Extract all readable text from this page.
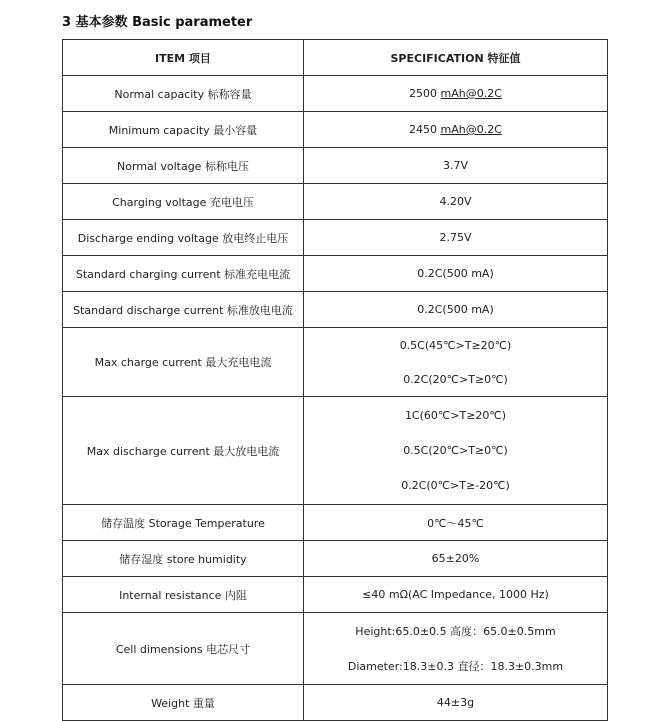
3 基本参数 Basic parameter
ITEM 项目	SPECIFICATION 特征值
Normal capacity 标称容量	2500 mAh@0.2C
Minimum capacity 最小容量	2450 mAh@0.2C
Normal voltage 标称电压	3.7V
Charging voltage 充电电压	4.20V
Discharge ending voltage 放电终止电压	2.75V
Standard charging current 标准充电电流	0.2C(500 mA)
Standard discharge current 标准放电电流	0.2C(500 mA)
Max charge current 最大充电电流	0.5C(45℃>T≥20℃)
0.2C(20℃>T≥0℃)

Max discharge current 最大放电电流	1C(60℃>T≥20℃)
0.5C(20℃>T≥0℃)
0.2C(0℃>T≥-20℃)

储存温度 Storage Temperature	0℃～45℃
储存湿度 store humidity	65±20%
Internal resistance 内阻	≤40 mΩ(AC Impedance, 1000 Hz)
Cell dimensions 电芯尺寸	Height:65.0±0.5 高度：65.0±0.5mm
Diameter:18.3±0.3 直径：18.3±0.3mm

Weight 重量	44±3g
